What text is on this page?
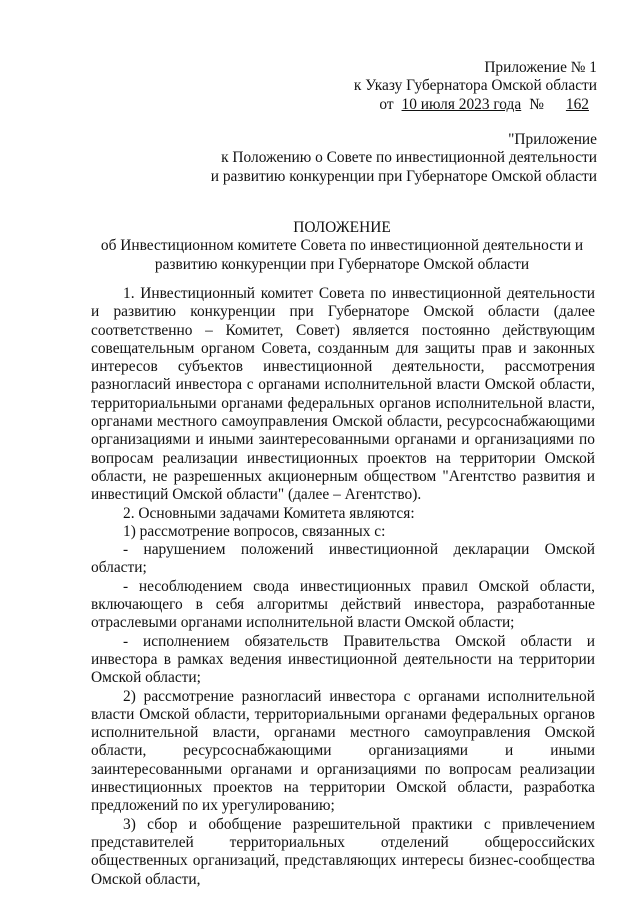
Приложение № 1
к Указу Губернатора Омской области
от 10 июля 2023 года № 162
"Приложение
к Положению о Совете по инвестиционной деятельности
и развитию конкуренции при Губернаторе Омской области
ПОЛОЖЕНИЕ
об Инвестиционном комитете Совета по инвестиционной деятельности и
развитию конкуренции при Губернаторе Омской области

1. Инвестиционный комитет Совета по инвестиционной деятельности и развитию конкуренции при Губернаторе Омской области (далее соответственно – Комитет, Совет) является постоянно действующим совещательным органом Совета, созданным для защиты прав и законных интересов субъектов инвестиционной деятельности, рассмотрения разногласий инвестора с органами исполнительной власти Омской области, территориальными органами федеральных органов исполнительной власти, органами местного самоуправления Омской области, ресурсоснабжающими организациями и иными заинтересованными органами и организациями по вопросам реализации инвестиционных проектов на территории Омской области, не разрешенных акционерным обществом "Агентство развития и инвестиций Омской области" (далее – Агентство).

2. Основными задачами Комитета являются:

1) рассмотрение вопросов, связанных с:

- нарушением положений инвестиционной декларации Омской области;

- несоблюдением свода инвестиционных правил Омской области, включающего в себя алгоритмы действий инвестора, разработанные отраслевыми органами исполнительной власти Омской области;

- исполнением обязательств Правительства Омской области и инвестора в рамках ведения инвестиционной деятельности на территории Омской области;

2) рассмотрение разногласий инвестора с органами исполнительной власти Омской области, территориальными органами федеральных органов исполнительной власти, органами местного самоуправления Омской области, ресурсоснабжающими организациями и иными заинтересованными органами и организациями по вопросам реализации инвестиционных проектов на территории Омской области, разработка предложений по их урегулированию;

3) сбор и обобщение разрешительной практики с привлечением представителей территориальных отделений общероссийских общественных организаций, представляющих интересы бизнес-сообщества Омской области,
